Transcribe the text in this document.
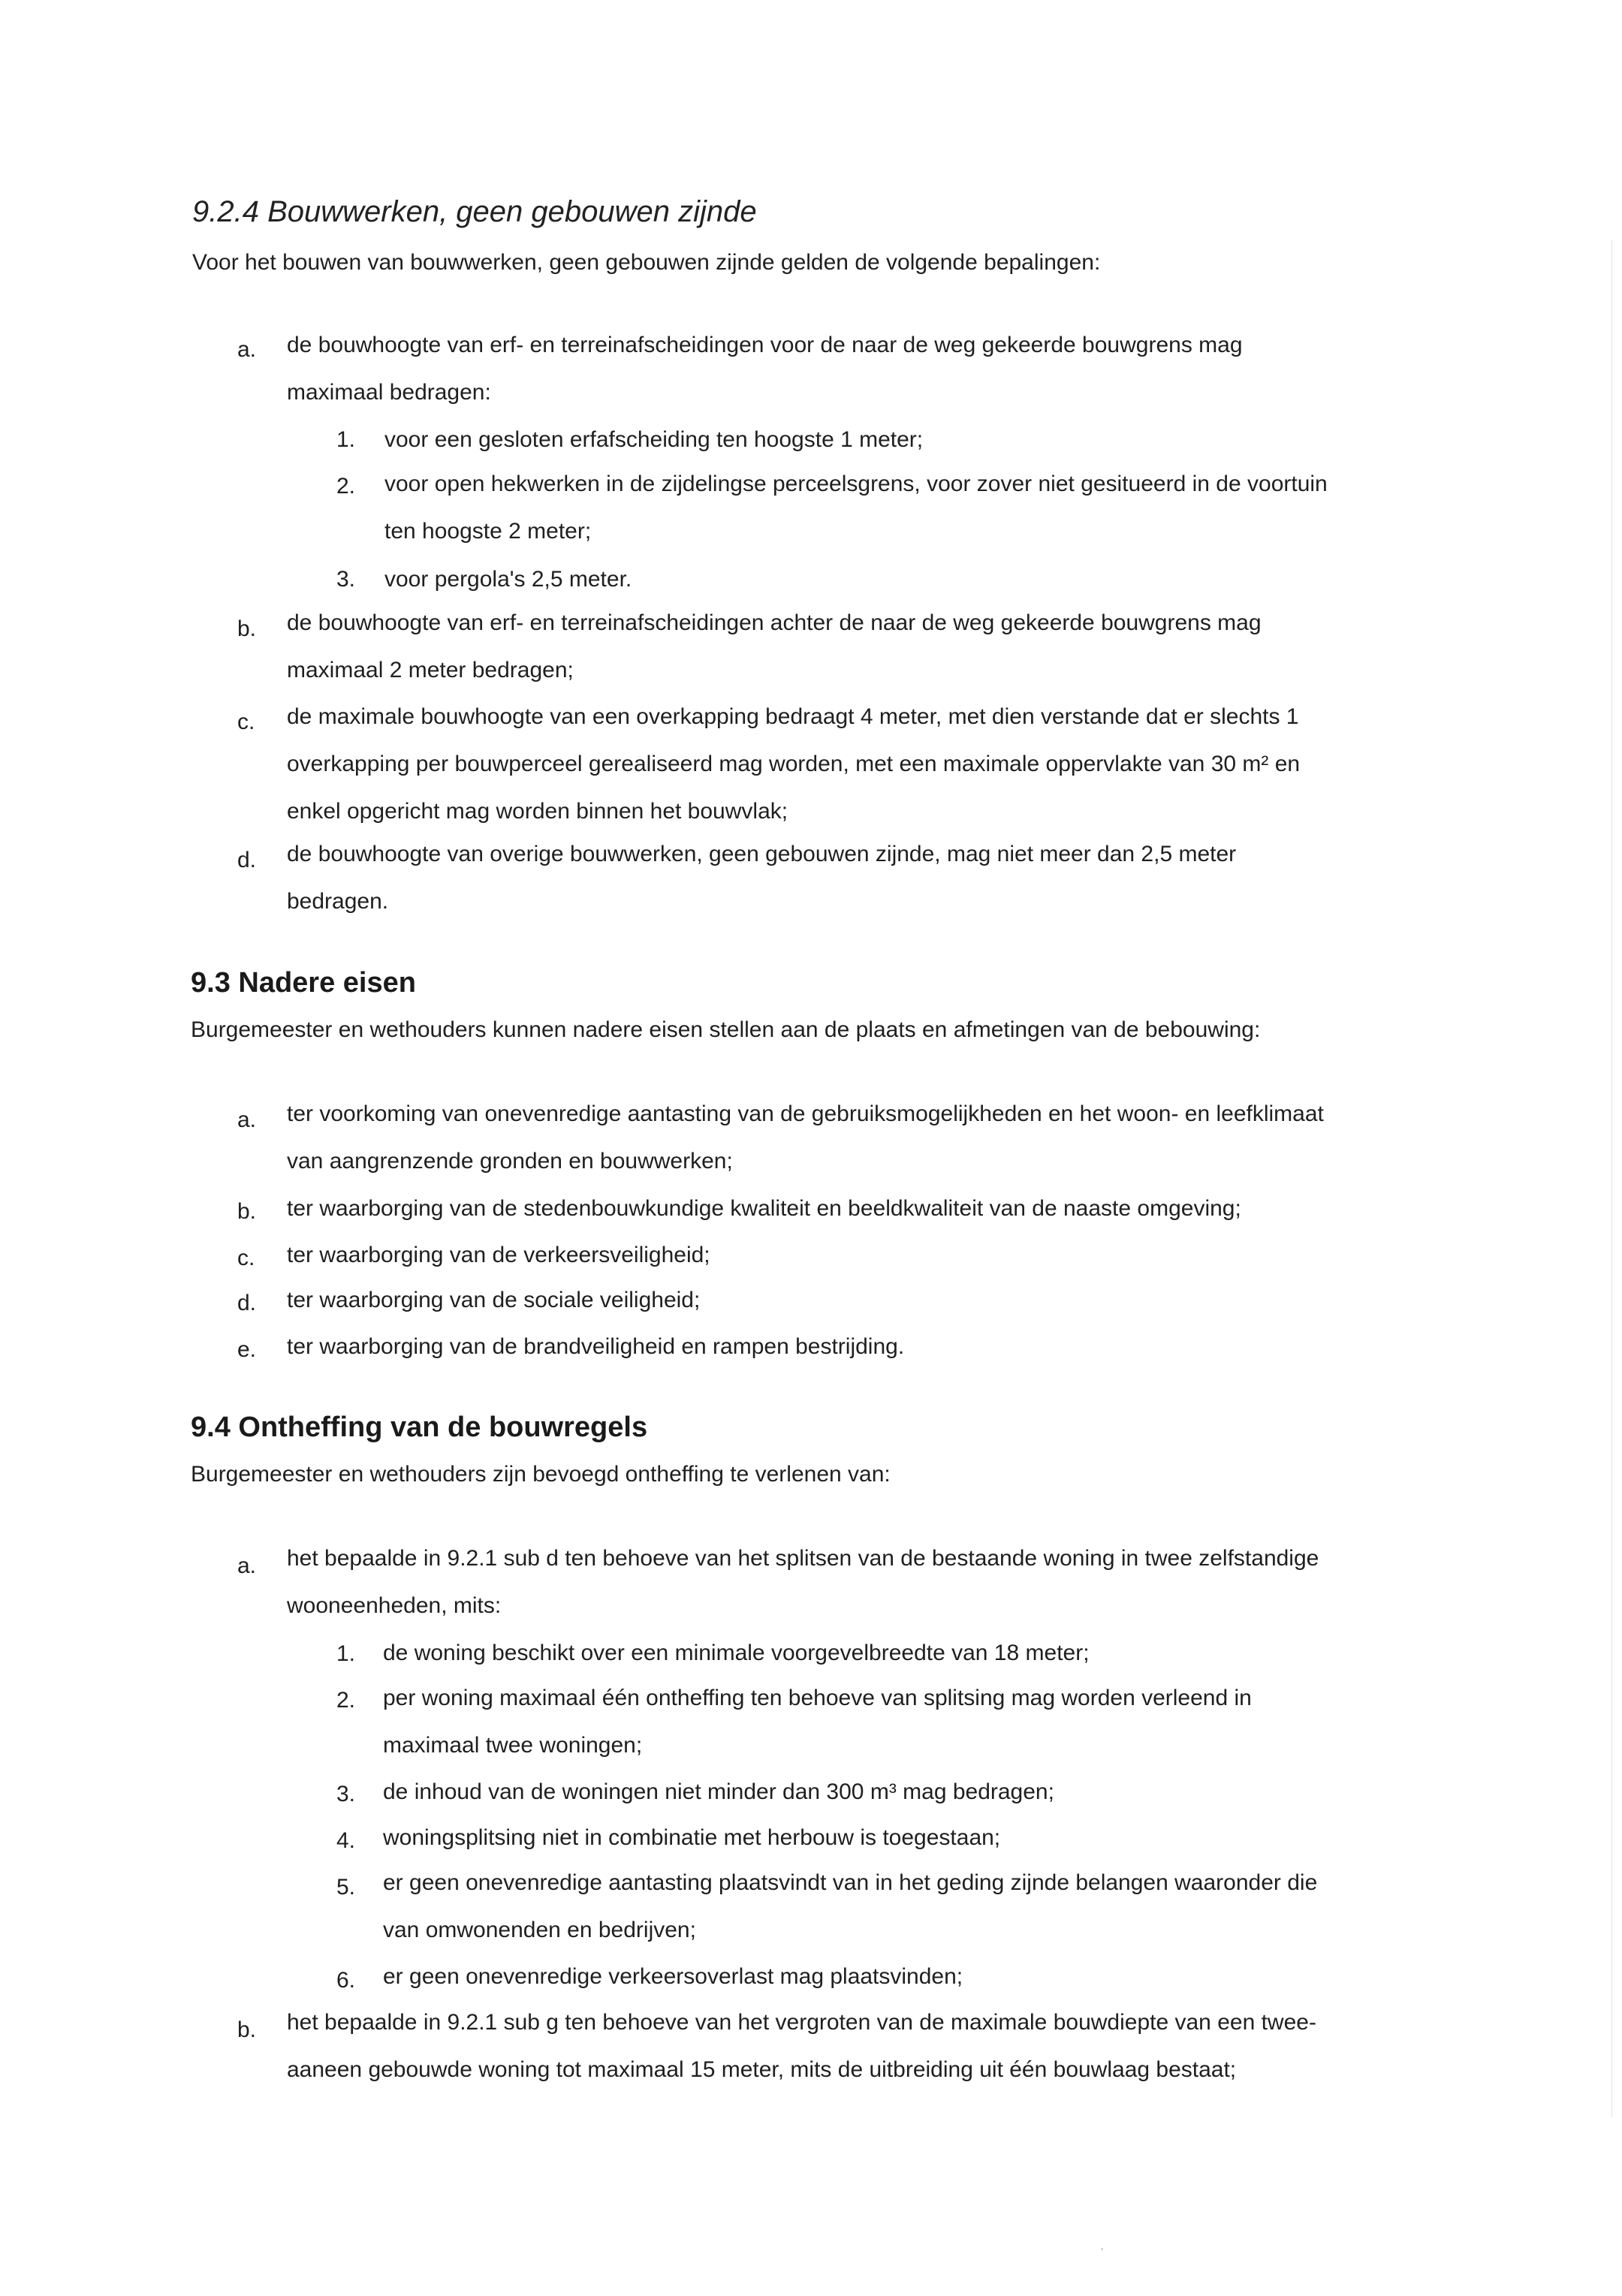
9.2.4 Bouwwerken, geen gebouwen zijnde
Voor het bouwen van bouwwerken, geen gebouwen zijnde gelden de volgende bepalingen:
a. de bouwhoogte van erf- en terreinafscheidingen voor de naar de weg gekeerde bouwgrens mag
maximaal bedragen:
1. voor een gesloten erfafscheiding ten hoogste 1 meter;
2. voor open hekwerken in de zijdelingse perceelsgrens, voor zover niet gesitueerd in de voortuin
ten hoogste 2 meter;
3. voor pergola's 2,5 meter.
b. de bouwhoogte van erf- en terreinafscheidingen achter de naar de weg gekeerde bouwgrens mag
maximaal 2 meter bedragen;
c. de maximale bouwhoogte van een overkapping bedraagt 4 meter, met dien verstande dat er slechts 1
overkapping per bouwperceel gerealiseerd mag worden, met een maximale oppervlakte van 30 m² en
enkel opgericht mag worden binnen het bouwvlak;
d. de bouwhoogte van overige bouwwerken, geen gebouwen zijnde, mag niet meer dan 2,5 meter
bedragen.
9.3 Nadere eisen
Burgemeester en wethouders kunnen nadere eisen stellen aan de plaats en afmetingen van de bebouwing:
a. ter voorkoming van onevenredige aantasting van de gebruiksmogelijkheden en het woon- en leefklimaat
van aangrenzende gronden en bouwwerken;
b. ter waarborging van de stedenbouwkundige kwaliteit en beeldkwaliteit van de naaste omgeving;
c. ter waarborging van de verkeersveiligheid;
d. ter waarborging van de sociale veiligheid;
e. ter waarborging van de brandveiligheid en rampen bestrijding.
9.4 Ontheffing van de bouwregels
Burgemeester en wethouders zijn bevoegd ontheffing te verlenen van:
a. het bepaalde in 9.2.1 sub d ten behoeve van het splitsen van de bestaande woning in twee zelfstandige
wooneenheden, mits:
1. de woning beschikt over een minimale voorgevelbreedte van 18 meter;
2. per woning maximaal één ontheffing ten behoeve van splitsing mag worden verleend in
maximaal twee woningen;
3. de inhoud van de woningen niet minder dan 300 m³ mag bedragen;
4. woningsplitsing niet in combinatie met herbouw is toegestaan;
5. er geen onevenredige aantasting plaatsvindt van in het geding zijnde belangen waaronder die
van omwonenden en bedrijven;
6. er geen onevenredige verkeersoverlast mag plaatsvinden;
b. het bepaalde in 9.2.1 sub g ten behoeve van het vergroten van de maximale bouwdiepte van een twee-
aaneen gebouwde woning tot maximaal 15 meter, mits de uitbreiding uit één bouwlaag bestaat;
